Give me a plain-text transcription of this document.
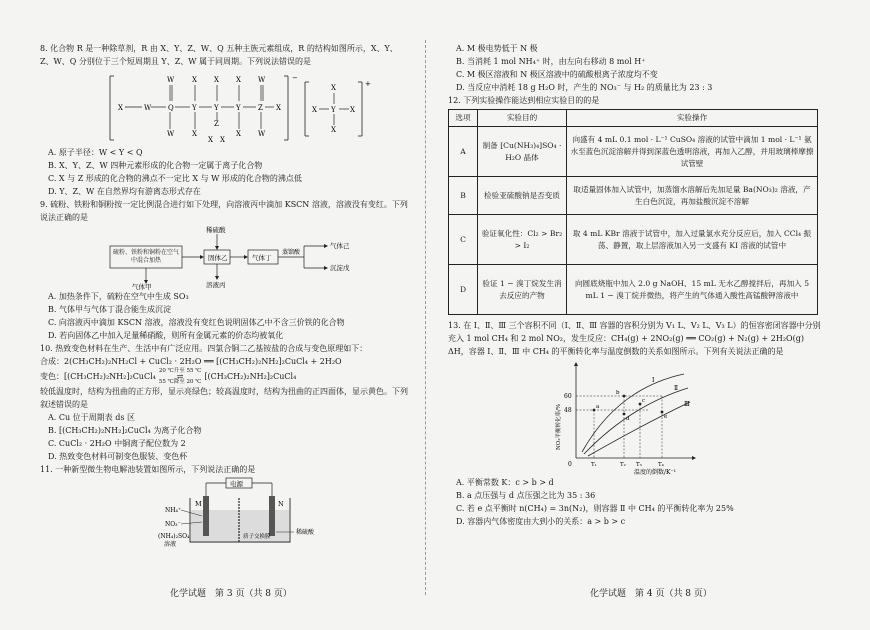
8. 化合物 R 是一种除草剂，R 由 X、Y、Z、W、Q 五种主族元素组成，R 的结构如图所示，X、Y、Z、W、Q 分别位于三个短周期且 Y、Z、W 属于同周期。下列说法错误的是

−
X	W Q	Y Y Y Z X
W	X X X W
W	X
Z
X W
X X
+
X
X Y X
X

A. 原子半径：W < Y < Q

B. X、Y、Z、W 四种元素形成的化合物一定属于离子化合物

C. X 与 Z 形成的化合物的沸点不一定比 X 与 W 形成的化合物的沸点低

D. Y、Z、W 在自然界均有游离态形式存在

9. 硫粉、铁粉和铜粉按一定比例混合进行如下处理，向溶液丙中滴加 KSCN 溶液，溶液没有变红。下列说法正确的是

硫粉、铁粉和铜粉在空气中混合加热	固体乙
稀硫酸
气体丁
蒸馏酸
气体己
沉淀戊
气体甲	溶液丙

A. 加热条件下，硫粉在空气中生成 SO₃

B. 气体甲与气体丁混合能生成沉淀

C. 向溶液丙中滴加 KSCN 溶液，溶液没有变红色说明固体乙中不含三价铁的化合物

D. 若向固体乙中加入足量稀硝酸，则所有金属元素的价态均被氧化

10. 热致变色材料在生产、生活中有广泛应用。四氯合铜二乙基铵盐的合成与变色原理如下：

合成：2(CH₃CH₂)₂NH₂Cl + CuCl₂ · 2H₂O ══ [(CH₃CH₂)₂NH₂]₂CuCl₄ + 2H₂O

变色：[(CH₃CH₂)₂NH₂]₂CuCl₄
20 ℃升至 55 ℃
⇌
55 ℃降至 20 ℃
[(CH₃CH₂)₂NH₂]₂CuCl₄

较低温度时，结构为扭曲的正方形，显示亮绿色；较高温度时，结构为扭曲的正四面体，显示黄色。下列叙述错误的是

A. Cu 位于周期表 ds 区

B. [(CH₃CH₂)₂NH₂]₂CuCl₄ 为离子化合物

C. CuCl₂ · 2H₂O 中铜离子配位数为 2

D. 热致变色材料可制变色服装、变色杯

11. 一种新型微生物电解池装置如图所示，下列说法正确的是

电源
M	N
NH₄⁺
NO₃⁻
质子交换膜
(NH₄)₂SO₄
溶液
稀硫酸
化学试题　第 3 页（共 8 页）

A. M 极电势低于 N 极

B. 当消耗 1 mol NH₄⁺ 时，由左向右移动 8 mol H⁺

C. M 极区溶液和 N 极区溶液中的硫酸根离子浓度均不变

D. 当反应中消耗 18 g H₂O 时，产生的 NO₃⁻ 与 H₂ 的质量比为 23 : 3

12. 下列实验操作能达到相应实验目的的是

选项	实验目的	实验操作
A	制备 [Cu(NH₃)₄]SO₄ · H₂O 晶体	向盛有 4 mL 0.1 mol · L⁻¹ CuSO₄ 溶液的试管中滴加 1 mol · L⁻¹ 氨水至蓝色沉淀溶解并得到深蓝色透明溶液，再加入乙醇，并用玻璃棒摩擦试管壁
B	检验亚硫酸钠是否变质	取适量固体加入试管中，加蒸馏水溶解后先加足量 Ba(NO₃)₂ 溶液，产生白色沉淀，再加盐酸沉淀不溶解
C	验证氧化性：Cl₂ > Br₂ > I₂	取 4 mL KBr 溶液于试管中，加入过量氯水充分反应后，加入 CCl₄ 振荡、静置，取上层溶液加入另一支盛有 KI 溶液的试管中
D	验证 1 − 溴丁烷发生消去反应的产物	向圆底烧瓶中加入 2.0 g NaOH、15 mL 无水乙醇搅拌后，再加入 5 mL 1 − 溴丁烷并微热，将产生的气体通入酸性高锰酸钾溶液中

13. 在 Ⅰ、Ⅱ、Ⅲ 三个容积不同（Ⅰ、Ⅱ、Ⅲ 容器的容积分别为 V₁ L、V₂ L、V₃ L）的恒容密闭容器中分别充入 1 mol CH₄ 和 2 mol NO₂，发生反应：CH₄(g) + 2NO₂(g) ══ CO₂(g) + N₂(g) + 2H₂O(g)　ΔH，容器 Ⅰ、Ⅱ、Ⅲ 中 CH₄ 的平衡转化率与温度倒数的关系如图所示。下列有关说法正确的是

0
NO₂平衡转化率/%
温度的倒数/K⁻¹
60
48
T₁	T₂ T₃	T₄
Ⅰ
Ⅱ
Ⅲ
a
b
c
d	e

A. 平衡常数 K：c > b > d

B. a 点压强与 d 点压强之比为 35 : 36

C. 若 e 点平衡时 n(CH₄) = 3n(N₂)，则容器 Ⅱ 中 CH₄ 的平衡转化率为 25%

D. 容器内气体密度由大到小的关系：a > b > c

化学试题　第 4 页（共 8 页）
